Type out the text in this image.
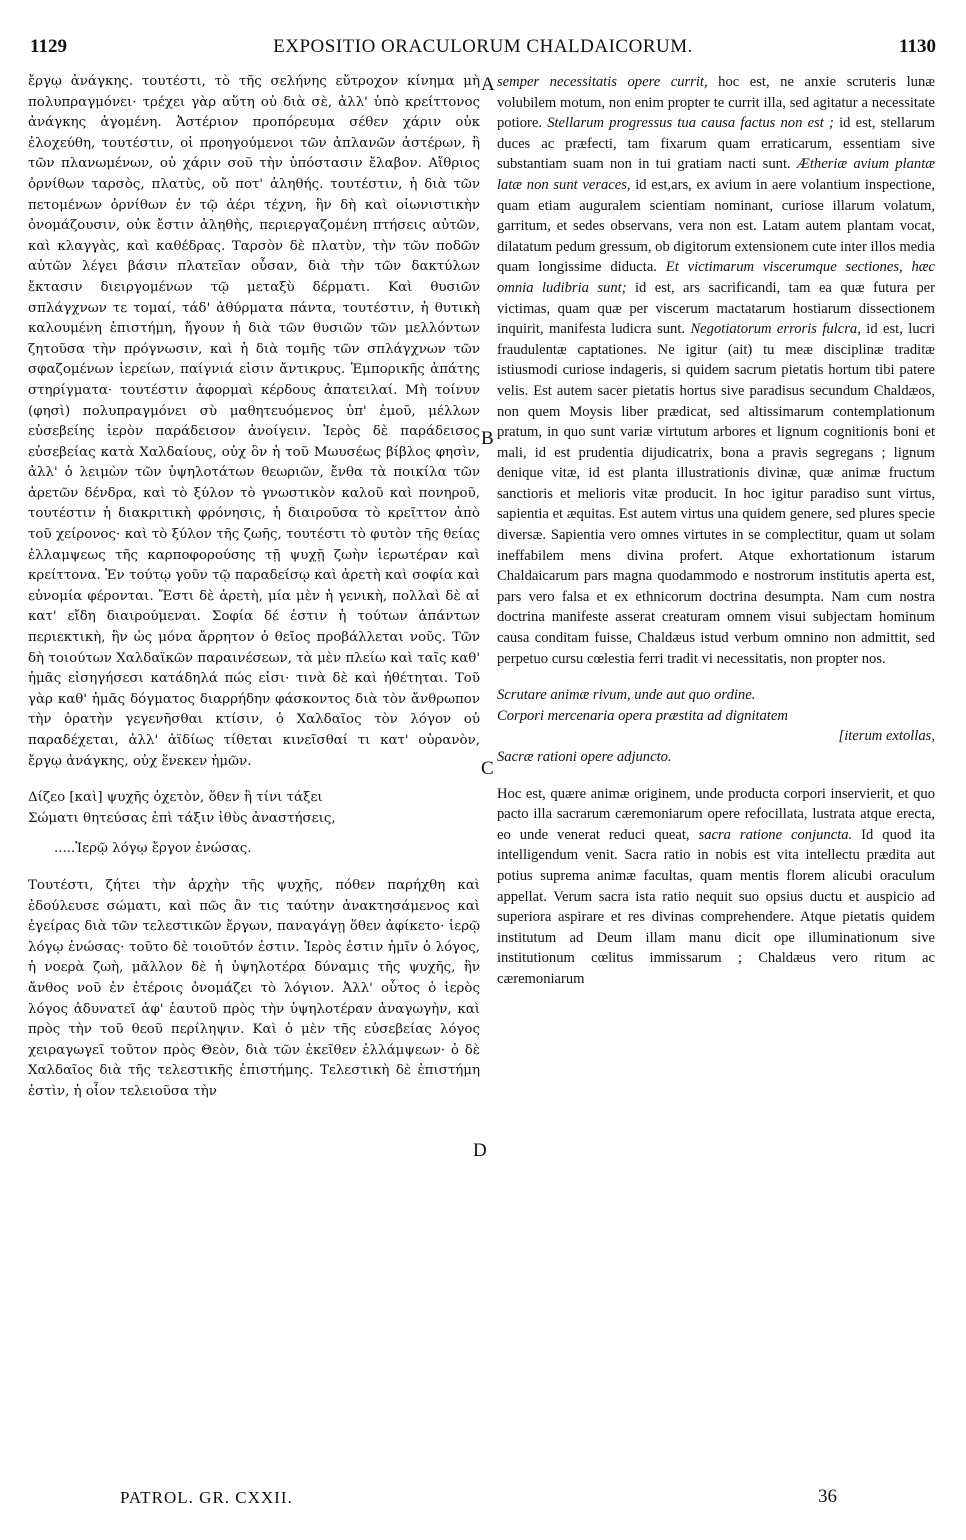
1129	EXPOSITIO ORACULORUM CHALDAICORUM.	1130

ἔργῳ ἀνάγκης. τουτέστι, τὸ τῆς σελήνης εὔτροχον κίνημα μὴ πολυπραγμόνει· τρέχει γὰρ αὕτη οὐ διὰ σὲ, ἀλλ' ὑπὸ κρείττονος ἀνάγκης ἀγομένη. Ἀστέριον προπόρευμα σέθεν χάριν οὐκ ἐλοχεύθη, τουτέστιν, οἱ προηγούμενοι τῶν ἀπλανῶν ἀστέρων, ἢ τῶν πλανωμένων, οὐ χάριν σοῦ τὴν ὑπόστασιν ἔλαβον. Αἴθριος ὀρνίθων ταρσὸς, πλατὺς, οὔ ποτ' ἀληθής. τουτέστιν, ἡ διὰ τῶν πετομένων ὀρνίθων ἐν τῷ ἀέρι τέχνη, ἣν δὴ καὶ οἰωνιστικὴν ὀνομάζουσιν, οὐκ ἔστιν ἀληθὴς, περιεργαζομένη πτήσεις αὐτῶν, καὶ κλαγγὰς, καὶ καθέδρας. Ταρσὸν δὲ πλατὺν, τὴν τῶν ποδῶν αὐτῶν λέγει βάσιν πλατεῖαν οὖσαν, διὰ τὴν τῶν δακτύλων ἔκτασιν διειργομένων τῷ μεταξὺ δέρματι. Καὶ θυσιῶν σπλάγχνων τε τομαί, τάδ' ἀθύρματα πάντα, τουτέστιν, ἡ θυτικὴ καλουμένη ἐπιστήμη, ἤγουν ἡ διὰ τῶν θυσιῶν τῶν μελλόντων ζητοῦσα τὴν πρόγνωσιν, καὶ ἡ διὰ τομῆς τῶν σπλάγχνων τῶν σφαζομένων ἱερείων, παίγνιά εἰσιν ἄντικρυς. Ἐμπορικῆς ἀπάτης στηρίγματα· τουτέστιν ἀφορμαὶ κέρδους ἀπατειλαί. Μὴ τοίνυν (φησὶ) πολυπραγμόνει σὺ μαθητευόμενος ὑπ' ἐμοῦ, μέλλων εὐσεβείης ἱερὸν παράδεισον ἀνοίγειν. Ἱερὸς δὲ παράδεισος εὐσεβείας κατὰ Χαλδαίους, οὐχ ὃν ἡ τοῦ Μωυσέως βίβλος φησὶν, ἀλλ' ὁ λειμὼν τῶν ὑψηλοτάτων θεωριῶν, ἔνθα τὰ ποικίλα τῶν ἀρετῶν δένδρα, καὶ τὸ ξύλον τὸ γνωστικὸν καλοῦ καὶ πονηροῦ, τουτέστιν ἡ διακριτικὴ φρόνησις, ἡ διαιροῦσα τὸ κρεῖττον ἀπὸ τοῦ χείρονος· καὶ τὸ ξύλον τῆς ζωῆς, τουτέστι τὸ φυτὸν τῆς θείας ἐλλαμψεως τῆς καρποφορούσης τῇ ψυχῇ ζωὴν ἱερωτέραν καὶ κρείττονα. Ἐν τούτῳ γοῦν τῷ παραδείσῳ καὶ ἀρετὴ καὶ σοφία καὶ εὐνομία φέρονται. Ἔστι δὲ ἀρετὴ, μία μὲν ἡ γενικὴ, πολλαὶ δὲ αἱ κατ' εἴδη διαιρούμεναι. Σοφία δέ ἐστιν ἡ τούτων ἁπάντων περιεκτικὴ, ἣν ὡς μόνα ἄρρητον ὁ θεῖος προβάλλεται νοῦς. Τῶν δὴ τοιούτων Χαλδαϊκῶν παραινέσεων, τὰ μὲν πλείω καὶ ταῖς καθ' ἡμᾶς εἰσηγήσεσι κατάδηλά πώς εἰσι· τινὰ δὲ καὶ ἠθέτηται. Τοῦ γὰρ καθ' ἡμᾶς δόγματος διαρρήδην φάσκοντος διὰ τὸν ἄνθρωπον τὴν ὁρατὴν γεγενῆσθαι κτίσιν, ὁ Χαλδαῖος τὸν λόγον οὐ παραδέχεται, ἀλλ' ἀϊδίως τίθεται κινεῖσθαί τι κατ' οὐρανὸν, ἔργῳ ἀνάγκης, οὐχ ἕνεκεν ἡμῶν.

Δίζεο [καὶ] ψυχῆς ὀχετὸν, ὅθεν ἢ τίνι τάξει

Σώματι θητεύσας ἐπὶ τάξιν ἰθὺς ἀναστήσεις,

.....Ἱερῷ λόγῳ ἔργον ἑνώσας.

Τουτέστι, ζήτει τὴν ἀρχὴν τῆς ψυχῆς, πόθεν παρήχθη καὶ ἐδούλευσε σώματι, καὶ πῶς ἂν τις ταύτην ἀνακτησάμενος καὶ ἐγείρας διὰ τῶν τελεστικῶν ἔργων, παναγάγῃ ὅθεν ἀφίκετο· ἱερῷ λόγῳ ἑνώσας· τοῦτο δὲ τοιοῦτόν ἐστιν. Ἱερὸς ἐστιν ἡμῖν ὁ λόγος, ἡ νοερὰ ζωὴ, μᾶλλον δὲ ἡ ὑψηλοτέρα δύναμις τῆς ψυχῆς, ἣν ἄνθος νοῦ ἐν ἑτέροις ὀνομάζει τὸ λόγιον. Ἀλλ' οὗτος ὁ ἱερὸς λόγος ἀδυνατεῖ ἀφ' ἑαυτοῦ πρὸς τὴν ὑψηλοτέραν ἀναγωγὴν, καὶ πρὸς τὴν τοῦ θεοῦ περίληψιν. Καὶ ὁ μὲν τῆς εὐσεβείας λόγος χειραγωγεῖ τοῦτον πρὸς Θεὸν, διὰ τῶν ἐκεῖθεν ἐλλάμψεων· ὁ δὲ Χαλδαῖος διὰ τῆς τελεστικῆς ἐπιστήμης. Τελεστικὴ δὲ ἐπιστήμη ἐστὶν, ἡ οἷον τελειοῦσα τὴν

A
B
C
D

semper necessitatis opere currit, hoc est, ne anxie scruteris lunæ volubilem motum, non enim propter te currit illa, sed agitatur a necessitate potiore. Stellarum progressus tua causa factus non est ; id est, stellarum duces ac præfecti, tam fixarum quam erraticarum, essentiam sive substantiam suam non in tui gratiam nacti sunt. Ætheriæ avium plantæ latæ non sunt veraces, id est,ars, ex avium in aere volantium inspectione, quam etiam auguralem scientiam nominant, curiose illarum volatum, garritum, et sedes observans, vera non est. Latam autem plantam vocat, dilatatum pedum gressum, ob digitorum extensionem cute inter illos media quam longissime diducta. Et victimarum viscerumque sectiones, hæc omnia ludibria sunt; id est, ars sacrificandi, tam ea quæ futura per victimas, quam quæ per viscerum mactatarum hostiarum dissectionem inquirit, manifesta ludicra sunt. Negotiatorum erroris fulcra, id est, lucri fraudulentæ captationes. Ne igitur (ait) tu meæ disciplinæ traditæ istiusmodi curiose indageris, si quidem sacrum pietatis hortum tibi patere velis. Est autem sacer pietatis hortus sive paradisus secundum Chaldæos, non quem Moysis liber prædicat, sed altissimarum contemplationum pratum, in quo sunt variæ virtutum arbores et lignum cognitionis boni et mali, id est prudentia dijudicatrix, bona a pravis segregans ; lignum denique vitæ, id est planta illustrationis divinæ, quæ animæ fructum sanctioris et melioris vitæ producit. In hoc igitur paradiso sunt virtus, sapientia et æquitas. Est autem virtus una quidem genere, sed plures specie diversæ. Sapientia vero omnes virtutes in se complectitur, quam ut solam ineffabilem mens divina profert. Atque exhortationum istarum Chaldaicarum pars magna quodammodo e nostrorum institutis aperta est, pars vero falsa et ex ethnicorum doctrina desumpta. Nam cum nostra doctrina manifeste asserat creaturam omnem visui subjectam hominum causa conditam fuisse, Chaldæus istud verbum omnino non admittit, sed perpetuo cursu cœlestia ferri tradit vi necessitatis, non propter nos.

Scrutare animæ rivum, unde aut quo ordine.

Corpori mercenaria opera præstita ad dignitatem

[iterum extollas,

Sacræ rationi opere adjuncto.

Hoc est, quære animæ originem, unde producta corpori inservierit, et quo pacto illa sacrarum cæremoniarum opere refocillata, lustrata atque erecta, eo unde venerat reduci queat, sacra ratione conjuncta. Id quod ita intelligendum venit. Sacra ratio in nobis est vita intellectu prædita aut potius suprema animæ facultas, quam mentis florem alicubi oraculum appellat. Verum sacra ista ratio nequit suo opsius ductu et auspicio ad superiora aspirare et res divinas comprehendere. Atque pietatis quidem institutum ad Deum illam manu dicit ope illuminationum sive institutionum cœlitus immissarum ; Chaldæus vero ritum ac cæremoniarum

PATROL. GR. CXXII.	36
